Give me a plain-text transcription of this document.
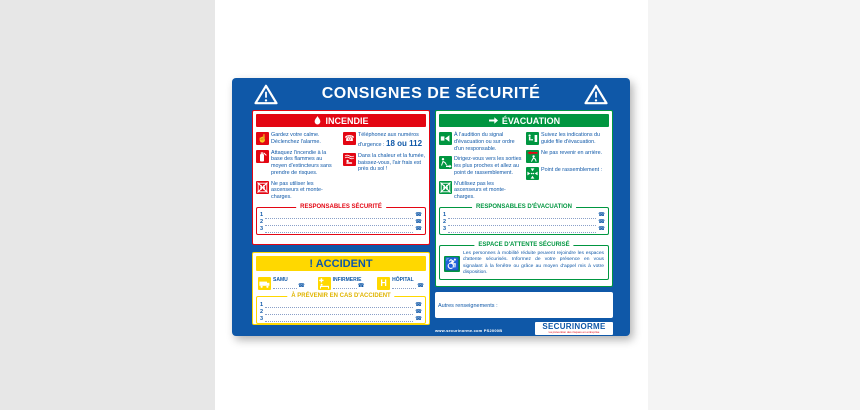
CONSIGNES DE SÉCURITÉ
INCENDIE
☝ Gardez votre calme. Déclenchez l'alarme.
Attaquez l'incendie à la base des flammes au moyen d'extincteurs sans prendre de risques.
Ne pas utiliser les ascenseurs et monte-charges.
☎ Téléphonez aux numéros d'urgence : 18 ou 112
Dans la chaleur et la fumée, baissez-vous, l'air frais est près du sol !
RESPONSABLES SÉCURITÉ
1	☎
2	☎
3	☎
! ACCIDENT
SAMU
☎
INFIRMERIE
☎ H HÔPITAL
☎
À PRÉVENIR EN CAS D'ACCIDENT
1	☎
2	☎
3	☎
ÉVACUATION
À l'audition du signal d'évacuation ou sur ordre d'un responsable.
Dirigez-vous vers les sorties les plus proches et allez au point de rassemblement.
N'utilisez pas les ascenseurs et monte-charges.
Suivez les indications du guide file d'évacuation.
Ne pas revenir en arrière.
Point de rassemblement :
RESPONSABLES D'ÉVACUATION
1	☎
2	☎
3	☎
ESPACE D'ATTENTE SÉCURISÉ
♿
Les personnes à mobilité réduite peuvent rejoindre les espaces d'attente sécurisés. Informez de votre présence en vous signalant à la fenêtre ou grâce au moyen d'appel mis à votre disposition.
Autres renseignements :
www.securinorme.com PS2000B	SECURINORME
La prévention des risques en entreprise
